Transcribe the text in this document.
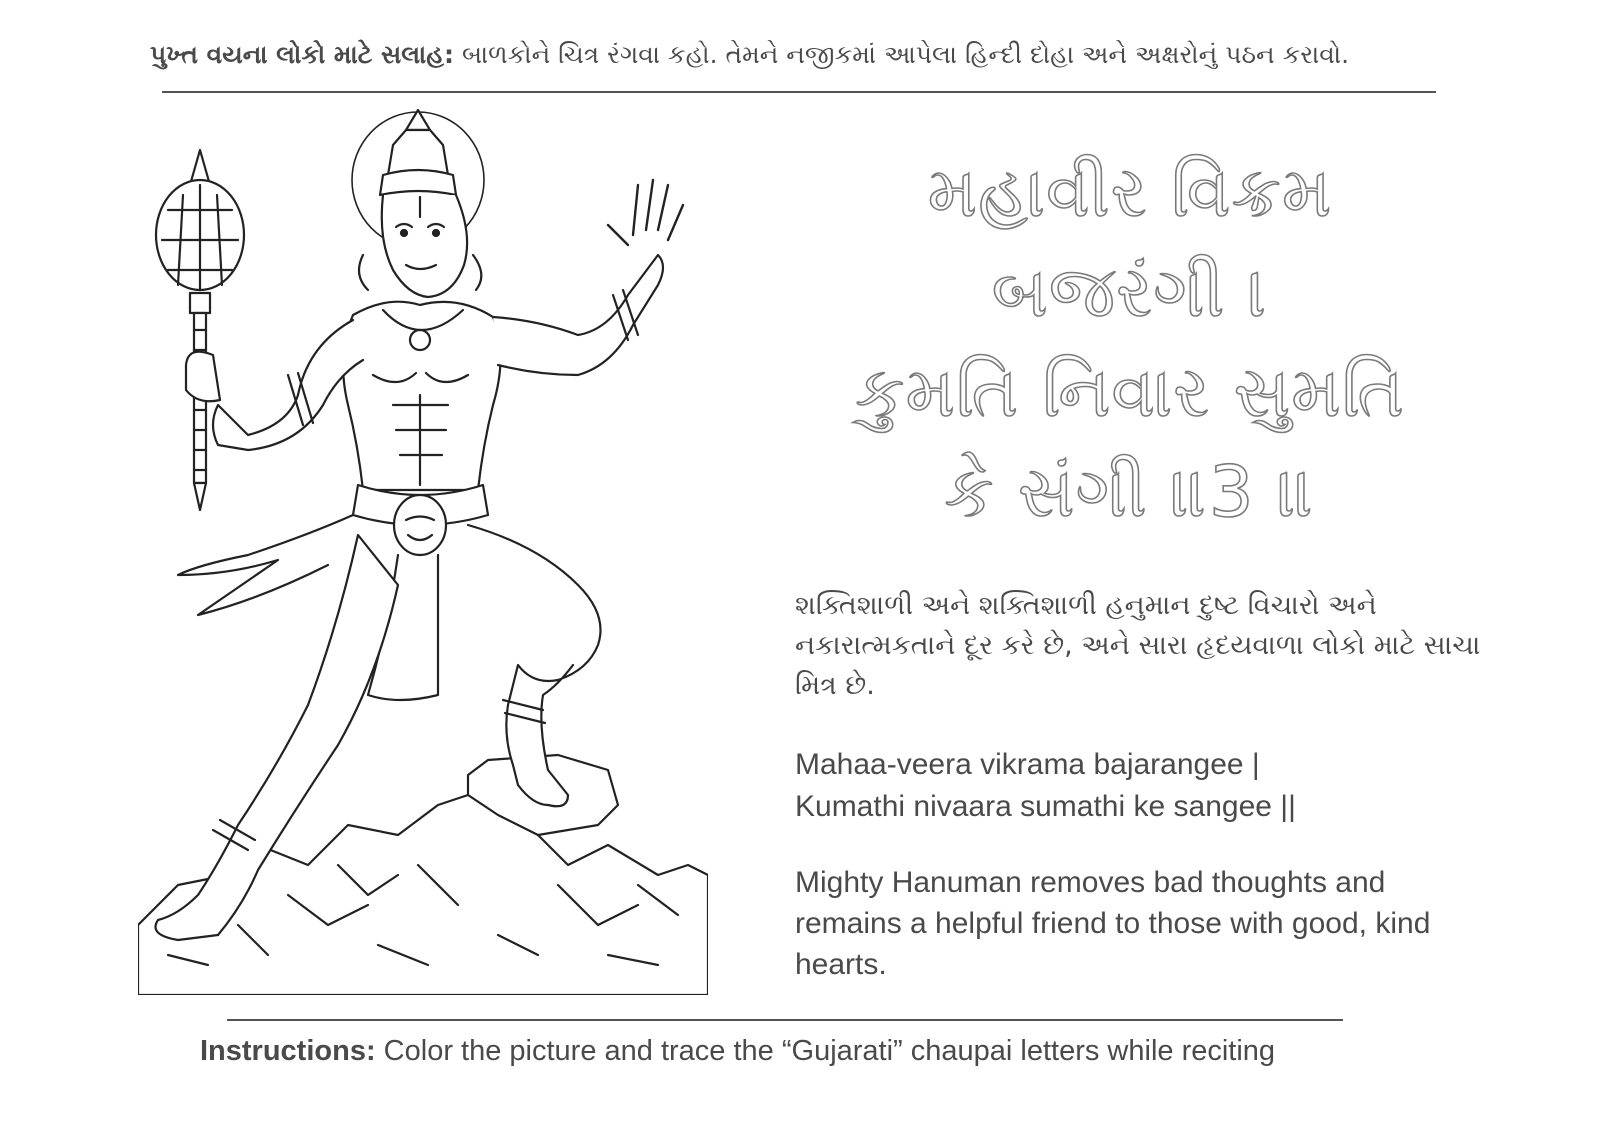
પુખ્ત વયના લોકો માટે સલાહ: બાળકોને ચિત્ર રંગવા કહો. તેમને નજીકમાં આપેલા હિન્દી દોહા અને અક્ષરોનું પઠન કરાવો.
મહાવીર વિક્રમ
બજરંગી ।
કુમતિ નિવાર સુમતિ
કે સંગી ॥3 ॥
શક્તિશાળી અને શક્તિશાળી હનુમાન દુષ્ટ વિચારો અને નકારાત્મકતાને દૂર કરે છે, અને સારા હૃદયવાળા લોકો માટે સાચા મિત્ર છે.
Mahaa-veera vikrama bajarangee |
Kumathi nivaara sumathi ke sangee ||
Mighty Hanuman removes bad thoughts and remains a helpful friend to those with good, kind hearts.
Instructions: Color the picture and trace the “Gujarati” chaupai letters while reciting
